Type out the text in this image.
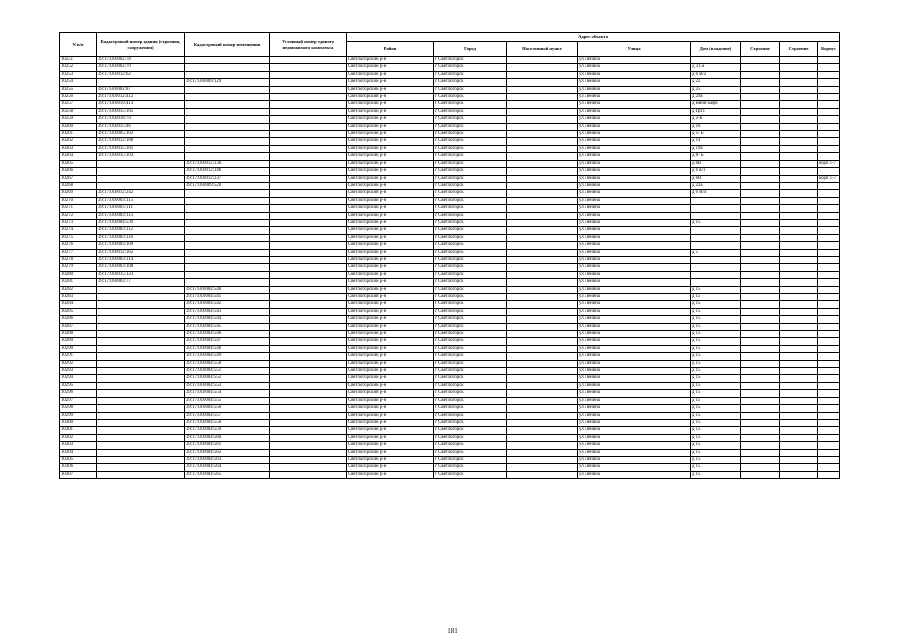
N п/п	Кадастровый номер здания (строения, сооружения)	Кадастровый номер помещения	Условный номер единого недвижимого комплекса	Адрес объекта							
				Район	Город	Населенный пункт	Улица	Дом (владение)	Строение	Строение	Корпус
10251	39:17:010002:78			Светлогорский р-н	г Светлогорск		ул Ленина				
10252	39:17:010002:79			Светлогорский р-н	г Светлогорск		ул Ленина	д 31-а			
10253	39:17:010012:62			Светлогорский р-н	г Светлогорск		ул Ленина	д 6 В/2			
10254		39:17:010009:129		Светлогорский р-н	г Светлогорск		ул Ленина	д 22			
10255	39:17:010002:87			Светлогорский р-н	г Светлогорск		ул Ленина	д 25			
10256	39:17:010012:412			Светлогорский р-н	г Светлогорск		ул Ленина	д 29а			
10257	39:17:010019:413			Светлогорский р-н	г Светлогорск		ул Ленина	д мини-кафе			
10258	39:17:010015:105			Светлогорский р-н	г Светлогорск		ул Ленина	д ЦП1			
10259	39:17:010018:79			Светлогорский р-н	г Светлогорск		ул Ленина	д 2-в			
10260	39:17:010015:46			Светлогорский р-н	г Светлогорск		ул Ленина	д 16			
10261	39:17:010005:102			Светлогорский р-н	г Светлогорск		ул Ленина	д 5- Б			
10262	39:17:010012:188			Светлогорский р-н	г Светлогорск		ул Ленина	д 14			
10263	39:17:010015:101			Светлогорский р-н	г Светлогорск		ул Ленина	д 19а			
10264	39:17:010015:103			Светлогорский р-н	г Светлогорск		ул Ленина	д 8- Б			
10265		39:17:010012:238		Светлогорский р-н	г Светлогорск		ул Ленина	д 6В			корп 1-7
10266		39:17:010012:246		Светлогорский р-н	г Светлогорск		ул Ленина	д 6 в/1			
10267		39:17:010012:237		Светлогорский р-н	г Светлогорск		ул Ленина	д 6В			корп 1-7
10268		39:17:010009:528		Светлогорский р-н	г Светлогорск		ул Ленина	д 22а			
10269	39:17:010012:242			Светлогорский р-н	г Светлогорск		ул Ленина	д 6 В/4			
10270	39:17:010003:115			Светлогорский р-н	г Светлогорск		ул Ленина				
10271	39:17:010003:111			Светлогорский р-н	г Светлогорск		ул Ленина				
10272	39:17:010003:113			Светлогорский р-н	г Светлогорск		ул Ленина				
10273	39:17:010004:539			Светлогорский р-н	г Светлогорск		ул Ленина	д 15			
10274	39:17:010003:112			Светлогорский р-н	г Светлогорск		ул Ленина				
10275	39:17:010003:110			Светлогорский р-н	г Светлогорск		ул Ленина				
10276	39:17:010003:109			Светлогорский р-н	г Светлогорск		ул Ленина				
10277	39:17:010012:362			Светлогорский р-н	г Светлогорск		ул Ленина	д 5			
10278	39:17:010003:114			Светлогорский р-н	г Светлогорск		ул Ленина				
10279	39:17:010003:108			Светлогорский р-н	г Светлогорск		ул Ленина				
10280	39:17:010015:123			Светлогорский р-н	г Светлогорск		ул Ленина				
10281	39:17:010003:77			Светлогорский р-н	г Светлогорск		ул Ленина				
10282		39:17:010004:540		Светлогорский р-н	г Светлогорск		ул Ленина	д 15			
10283		39:17:010004:541		Светлогорский р-н	г Светлогорск		ул Ленина	д 15			
10284		39:17:010004:542		Светлогорский р-н	г Светлогорск		ул Ленина	д 15			
10285		39:17:010004:543		Светлогорский р-н	г Светлогорск		ул Ленина	д 15			
10286		39:17:010004:544		Светлогорский р-н	г Светлогорск		ул Ленина	д 15			
10287		39:17:010004:545		Светлогорский р-н	г Светлогорск		ул Ленина	д 15			
10288		39:17:010004:546		Светлогорский р-н	г Светлогорск		ул Ленина	д 15			
10289		39:17:010004:547		Светлогорский р-н	г Светлогорск		ул Ленина	д 15			
10290		39:17:010004:548		Светлогорский р-н	г Светлогорск		ул Ленина	д 15			
10291		39:17:010004:549		Светлогорский р-н	г Светлогорск		ул Ленина	д 15			
10292		39:17:010004:550		Светлогорский р-н	г Светлогорск		ул Ленина	д 15			
10293		39:17:010004:551		Светлогорский р-н	г Светлогорск		ул Ленина	д 15			
10294		39:17:010004:552		Светлогорский р-н	г Светлогорск		ул Ленина	д 15			
10295		39:17:010004:553		Светлогорский р-н	г Светлогорск		ул Ленина	д 15			
10296		39:17:010004:554		Светлогорский р-н	г Светлогорск		ул Ленина	д 15			
10297		39:17:010004:555		Светлогорский р-н	г Светлогорск		ул Ленина	д 15			
10298		39:17:010004:556		Светлогорский р-н	г Светлогорск		ул Ленина	д 15			
10299		39:17:010004:557		Светлогорский р-н	г Светлогорск		ул Ленина	д 15			
10300		39:17:010004:558		Светлогорский р-н	г Светлогорск		ул Ленина	д 15			
10301		39:17:010004:559		Светлогорский р-н	г Светлогорск		ул Ленина	д 15			
10302		39:17:010004:560		Светлогорский р-н	г Светлогорск		ул Ленина	д 15			
10303		39:17:010004:561		Светлогорский р-н	г Светлогорск		ул Ленина	д 15			
10304		39:17:010004:562		Светлогорский р-н	г Светлогорск		ул Ленина	д 15			
10305		39:17:010004:563		Светлогорский р-н	г Светлогорск		ул Ленина	д 15			
10306		39:17:010004:564		Светлогорский р-н	г Светлогорск		ул Ленина	д 15			
10307		39:17:010004:565		Светлогорский р-н	г Светлогорск		ул Ленина	д 15			
181
